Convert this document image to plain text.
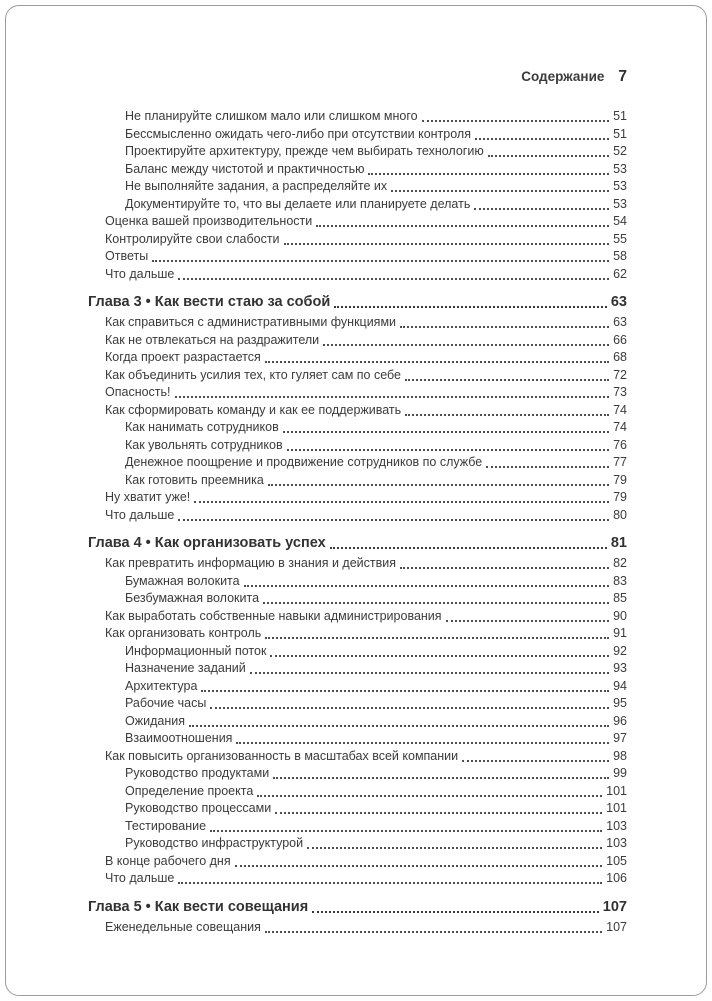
Содержание 7
Не планируйте слишком мало или слишком много	51
Бессмысленно ожидать чего-либо при отсутствии контроля	51
Проектируйте архитектуру, прежде чем выбирать технологию	52
Баланс между чистотой и практичностью	53
Не выполняйте задания, а распределяйте их	53
Документируйте то, что вы делаете или планируете делать	53
Оценка вашей производительности	54
Контролируйте свои слабости	55
Ответы	58
Что дальше	62
Глава 3 • Как вести стаю за собой	63
Как справиться с административными функциями	63
Как не отвлекаться на раздражители	66
Когда проект разрастается	68
Как объединить усилия тех, кто гуляет сам по себе	72
Опасность!	73
Как сформировать команду и как ее поддерживать	74
Как нанимать сотрудников	74
Как увольнять сотрудников	76
Денежное поощрение и продвижение сотрудников по службе	77
Как готовить преемника	79
Ну хватит уже!	79
Что дальше	80
Глава 4 • Как организовать успех	81
Как превратить информацию в знания и действия	82
Бумажная волокита	83
Безбумажная волокита	85
Как выработать собственные навыки администрирования	90
Как организовать контроль	91
Информационный поток	92
Назначение заданий	93
Архитектура	94
Рабочие часы	95
Ожидания	96
Взаимоотношения	97
Как повысить организованность в масштабах всей компании	98
Руководство продуктами	99
Определение проекта	101
Руководство процессами	101
Тестирование	103
Руководство инфраструктурой	103
В конце рабочего дня	105
Что дальше	106
Глава 5 • Как вести совещания	107
Еженедельные совещания	107
